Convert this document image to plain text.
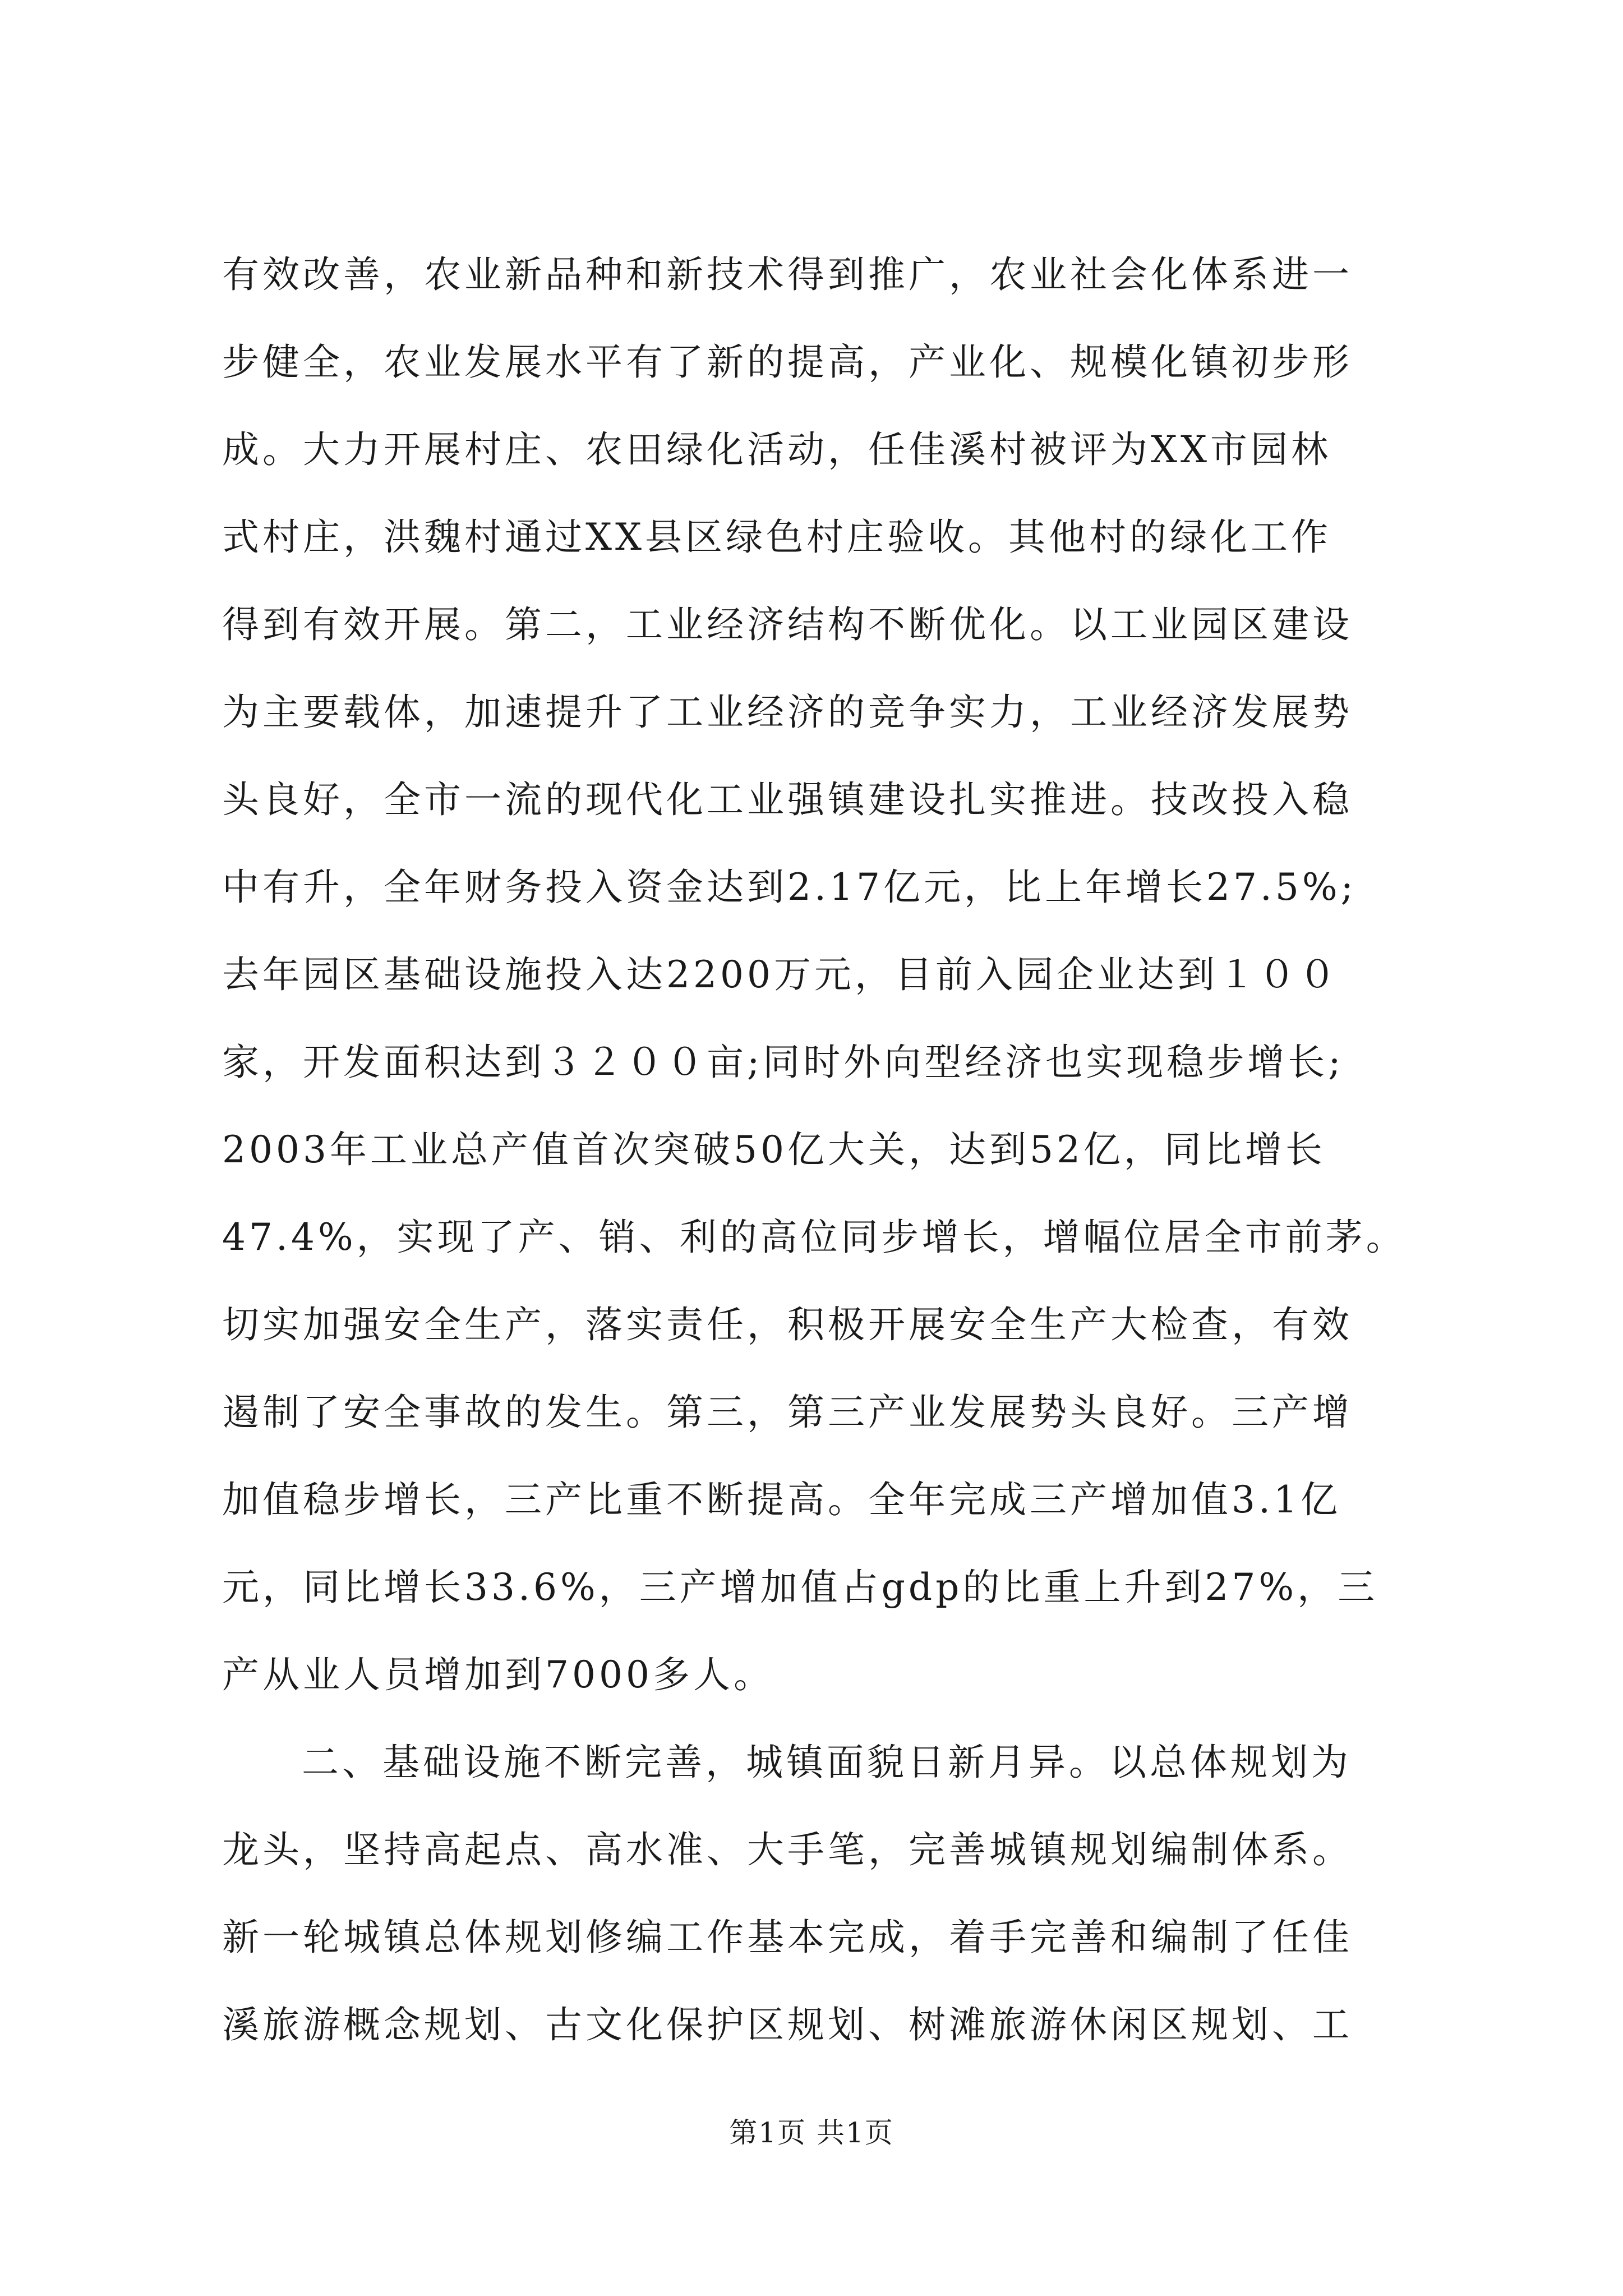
有效改善，农业新品种和新技术得到推广，农业社会化体系进一
步健全，农业发展水平有了新的提高，产业化、规模化镇初步形
成。大力开展村庄、农田绿化活动，任佳溪村被评为XX市园林
式村庄，洪魏村通过XX县区绿色村庄验收。其他村的绿化工作
得到有效开展。第二，工业经济结构不断优化。以工业园区建设
为主要载体，加速提升了工业经济的竞争实力，工业经济发展势
头良好，全市一流的现代化工业强镇建设扎实推进。技改投入稳
中有升，全年财务投入资金达到2.17亿元，比上年增长27.5%;
去年园区基础设施投入达2200万元，目前入园企业达到１００
家，开发面积达到３２００亩;同时外向型经济也实现稳步增长;
2003年工业总产值首次突破50亿大关，达到52亿，同比增长
47.4%，实现了产、销、利的高位同步增长，增幅位居全市前茅。
切实加强安全生产，落实责任，积极开展安全生产大检查，有效
遏制了安全事故的发生。第三，第三产业发展势头良好。三产增
加值稳步增长，三产比重不断提高。全年完成三产增加值3.1亿
元，同比增长33.6%，三产增加值占gdp的比重上升到27%，三
产从业人员增加到7000多人。
二、基础设施不断完善，城镇面貌日新月异。以总体规划为
龙头，坚持高起点、高水准、大手笔，完善城镇规划编制体系。
新一轮城镇总体规划修编工作基本完成，着手完善和编制了任佳
溪旅游概念规划、古文化保护区规划、树滩旅游休闲区规划、工
第1页 共1页
